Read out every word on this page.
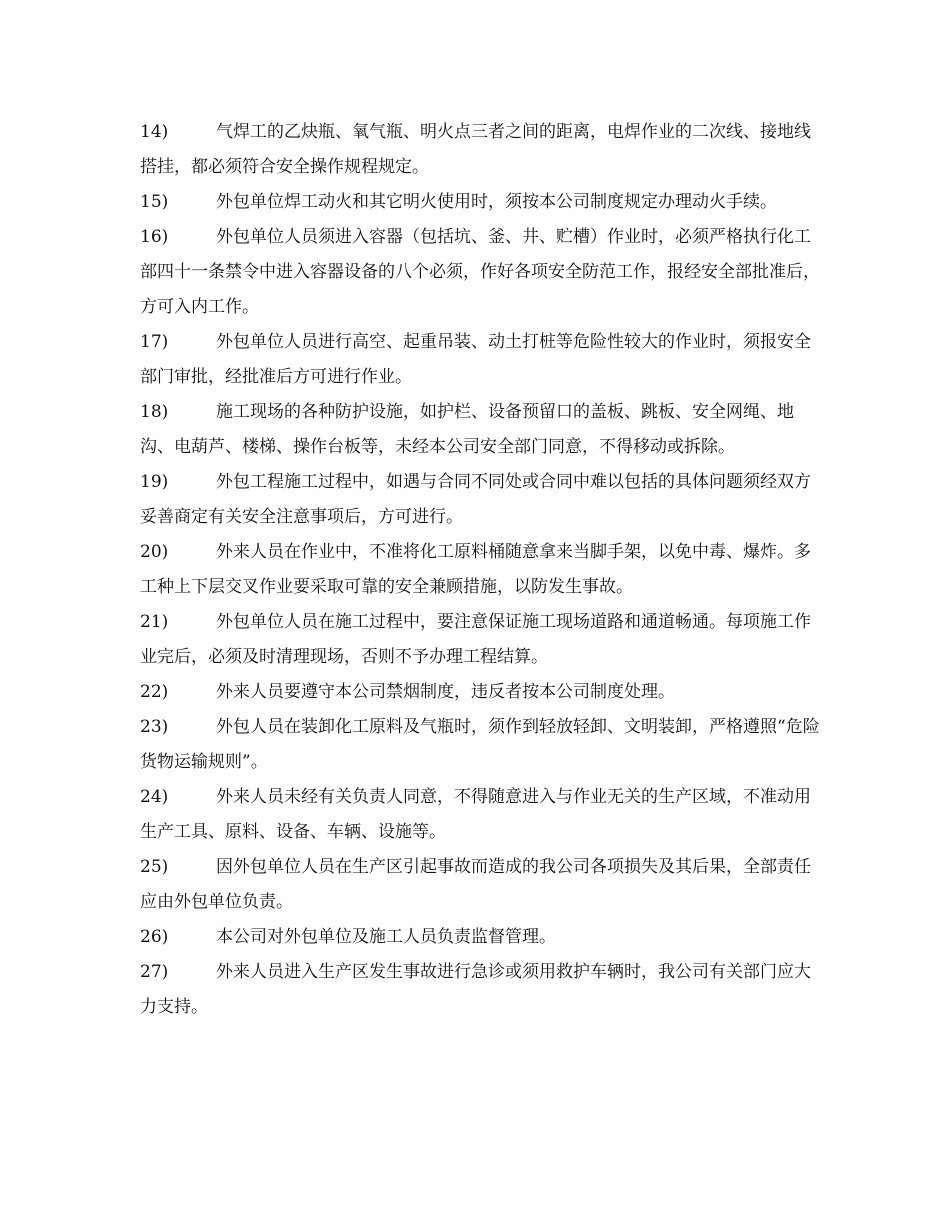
14)	气焊工的乙炔瓶、氧气瓶、明火点三者之间的距离，电焊作业的二次线、接地线搭挂，都必须符合安全操作规程规定。

15)	外包单位焊工动火和其它明火使用时，须按本公司制度规定办理动火手续。

16)	外包单位人员须进入容器（包括坑、釜、井、贮槽）作业时，必须严格执行化工部四十一条禁令中进入容器设备的八个必须，作好各项安全防范工作，报经安全部批准后，方可入内工作。

17)	外包单位人员进行高空、起重吊装、动土打桩等危险性较大的作业时，须报安全部门审批，经批准后方可进行作业。

18)	施工现场的各种防护设施，如护栏、设备预留口的盖板、跳板、安全网绳、地沟、电葫芦、楼梯、操作台板等，未经本公司安全部门同意，不得移动或拆除。

19)	外包工程施工过程中，如遇与合同不同处或合同中难以包括的具体问题须经双方妥善商定有关安全注意事项后，方可进行。

20)	外来人员在作业中，不准将化工原料桶随意拿来当脚手架，以免中毒、爆炸。多工种上下层交叉作业要采取可靠的安全兼顾措施，以防发生事故。

21)	外包单位人员在施工过程中，要注意保证施工现场道路和通道畅通。每项施工作业完后，必须及时清理现场，否则不予办理工程结算。

22)	外来人员要遵守本公司禁烟制度，违反者按本公司制度处理。

23)	外包人员在装卸化工原料及气瓶时，须作到轻放轻卸、文明装卸，严格遵照“危险货物运输规则”。

24)	外来人员未经有关负责人同意，不得随意进入与作业无关的生产区域，不准动用生产工具、原料、设备、车辆、设施等。

25)	因外包单位人员在生产区引起事故而造成的我公司各项损失及其后果，全部责任应由外包单位负责。

26)	本公司对外包单位及施工人员负责监督管理。

27)	外来人员进入生产区发生事故进行急诊或须用救护车辆时，我公司有关部门应大力支持。
